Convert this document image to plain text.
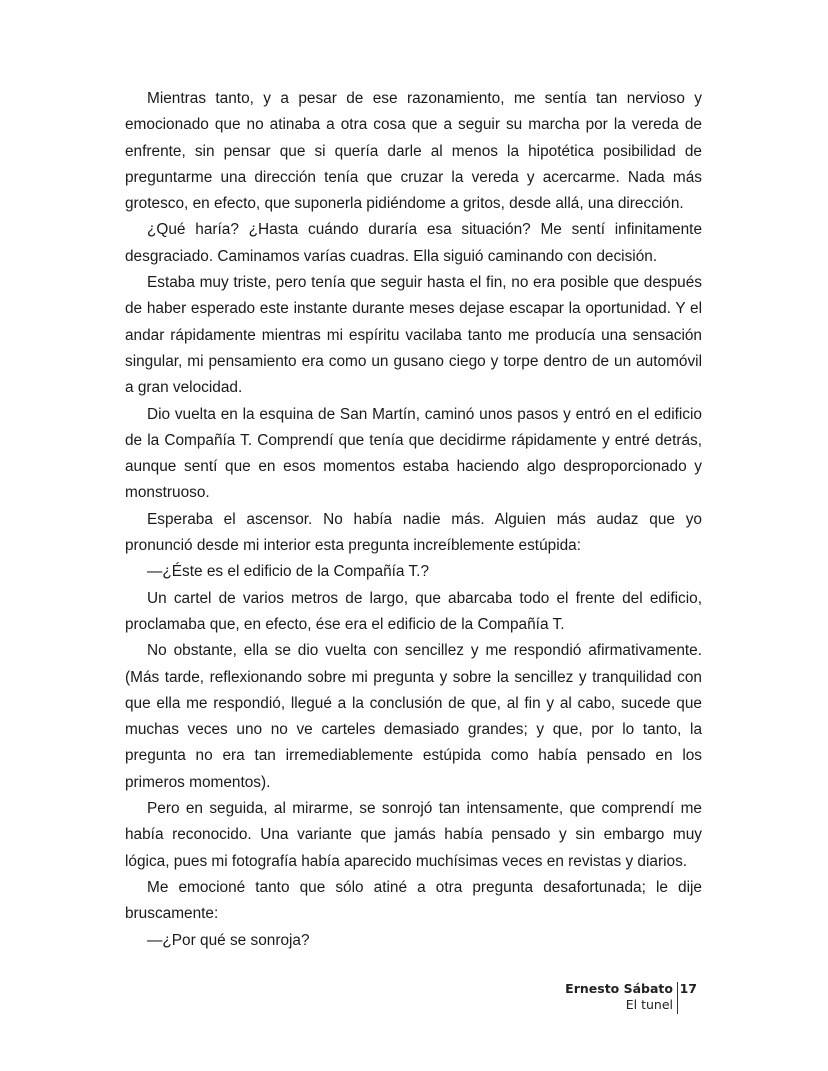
Mientras tanto, y a pesar de ese razonamiento, me sentía tan nervioso y emocionado que no atinaba a otra cosa que a seguir su marcha por la vereda de enfrente, sin pensar que si quería darle al menos la hipotética posibilidad de preguntarme una dirección tenía que cruzar la vereda y acercarme. Nada más grotesco, en efecto, que suponerla pidiéndome a gritos, desde allá, una dirección.

¿Qué haría? ¿Hasta cuándo duraría esa situación? Me sentí infinitamente desgraciado. Caminamos varías cuadras. Ella siguió caminando con decisión.

Estaba muy triste, pero tenía que seguir hasta el fin, no era posible que después de haber esperado este instante durante meses dejase escapar la oportunidad. Y el andar rápidamente mientras mi espíritu vacilaba tanto me producía una sensación singular, mi pensamiento era como un gusano ciego y torpe dentro de un automóvil a gran velocidad.

Dio vuelta en la esquina de San Martín, caminó unos pasos y entró en el edificio de la Compañía T. Comprendí que tenía que decidirme rápidamente y entré detrás, aunque sentí que en esos momentos estaba haciendo algo desproporcionado y monstruoso.

Esperaba el ascensor. No había nadie más. Alguien más audaz que yo pronunció desde mi interior esta pregunta increíblemente estúpida:

—¿Éste es el edificio de la Compañía T.?

Un cartel de varios metros de largo, que abarcaba todo el frente del edificio, proclamaba que, en efecto, ése era el edificio de la Compañía T.

No obstante, ella se dio vuelta con sencillez y me respondió afirmativamente. (Más tarde, reflexionando sobre mi pregunta y sobre la sencillez y tranquilidad con que ella me respondió, llegué a la conclusión de que, al fin y al cabo, sucede que muchas veces uno no ve carteles demasiado grandes; y que, por lo tanto, la pregunta no era tan irremediablemente estúpida como había pensado en los primeros momentos).

Pero en seguida, al mirarme, se sonrojó tan intensamente, que comprendí me había reconocido. Una variante que jamás había pensado y sin embargo muy lógica, pues mi fotografía había aparecido muchísimas veces en revistas y diarios.

Me emocioné tanto que sólo atiné a otra pregunta desafortunada; le dije bruscamente:

—¿Por qué se sonroja?

Ernesto Sábato
El tunel
17
